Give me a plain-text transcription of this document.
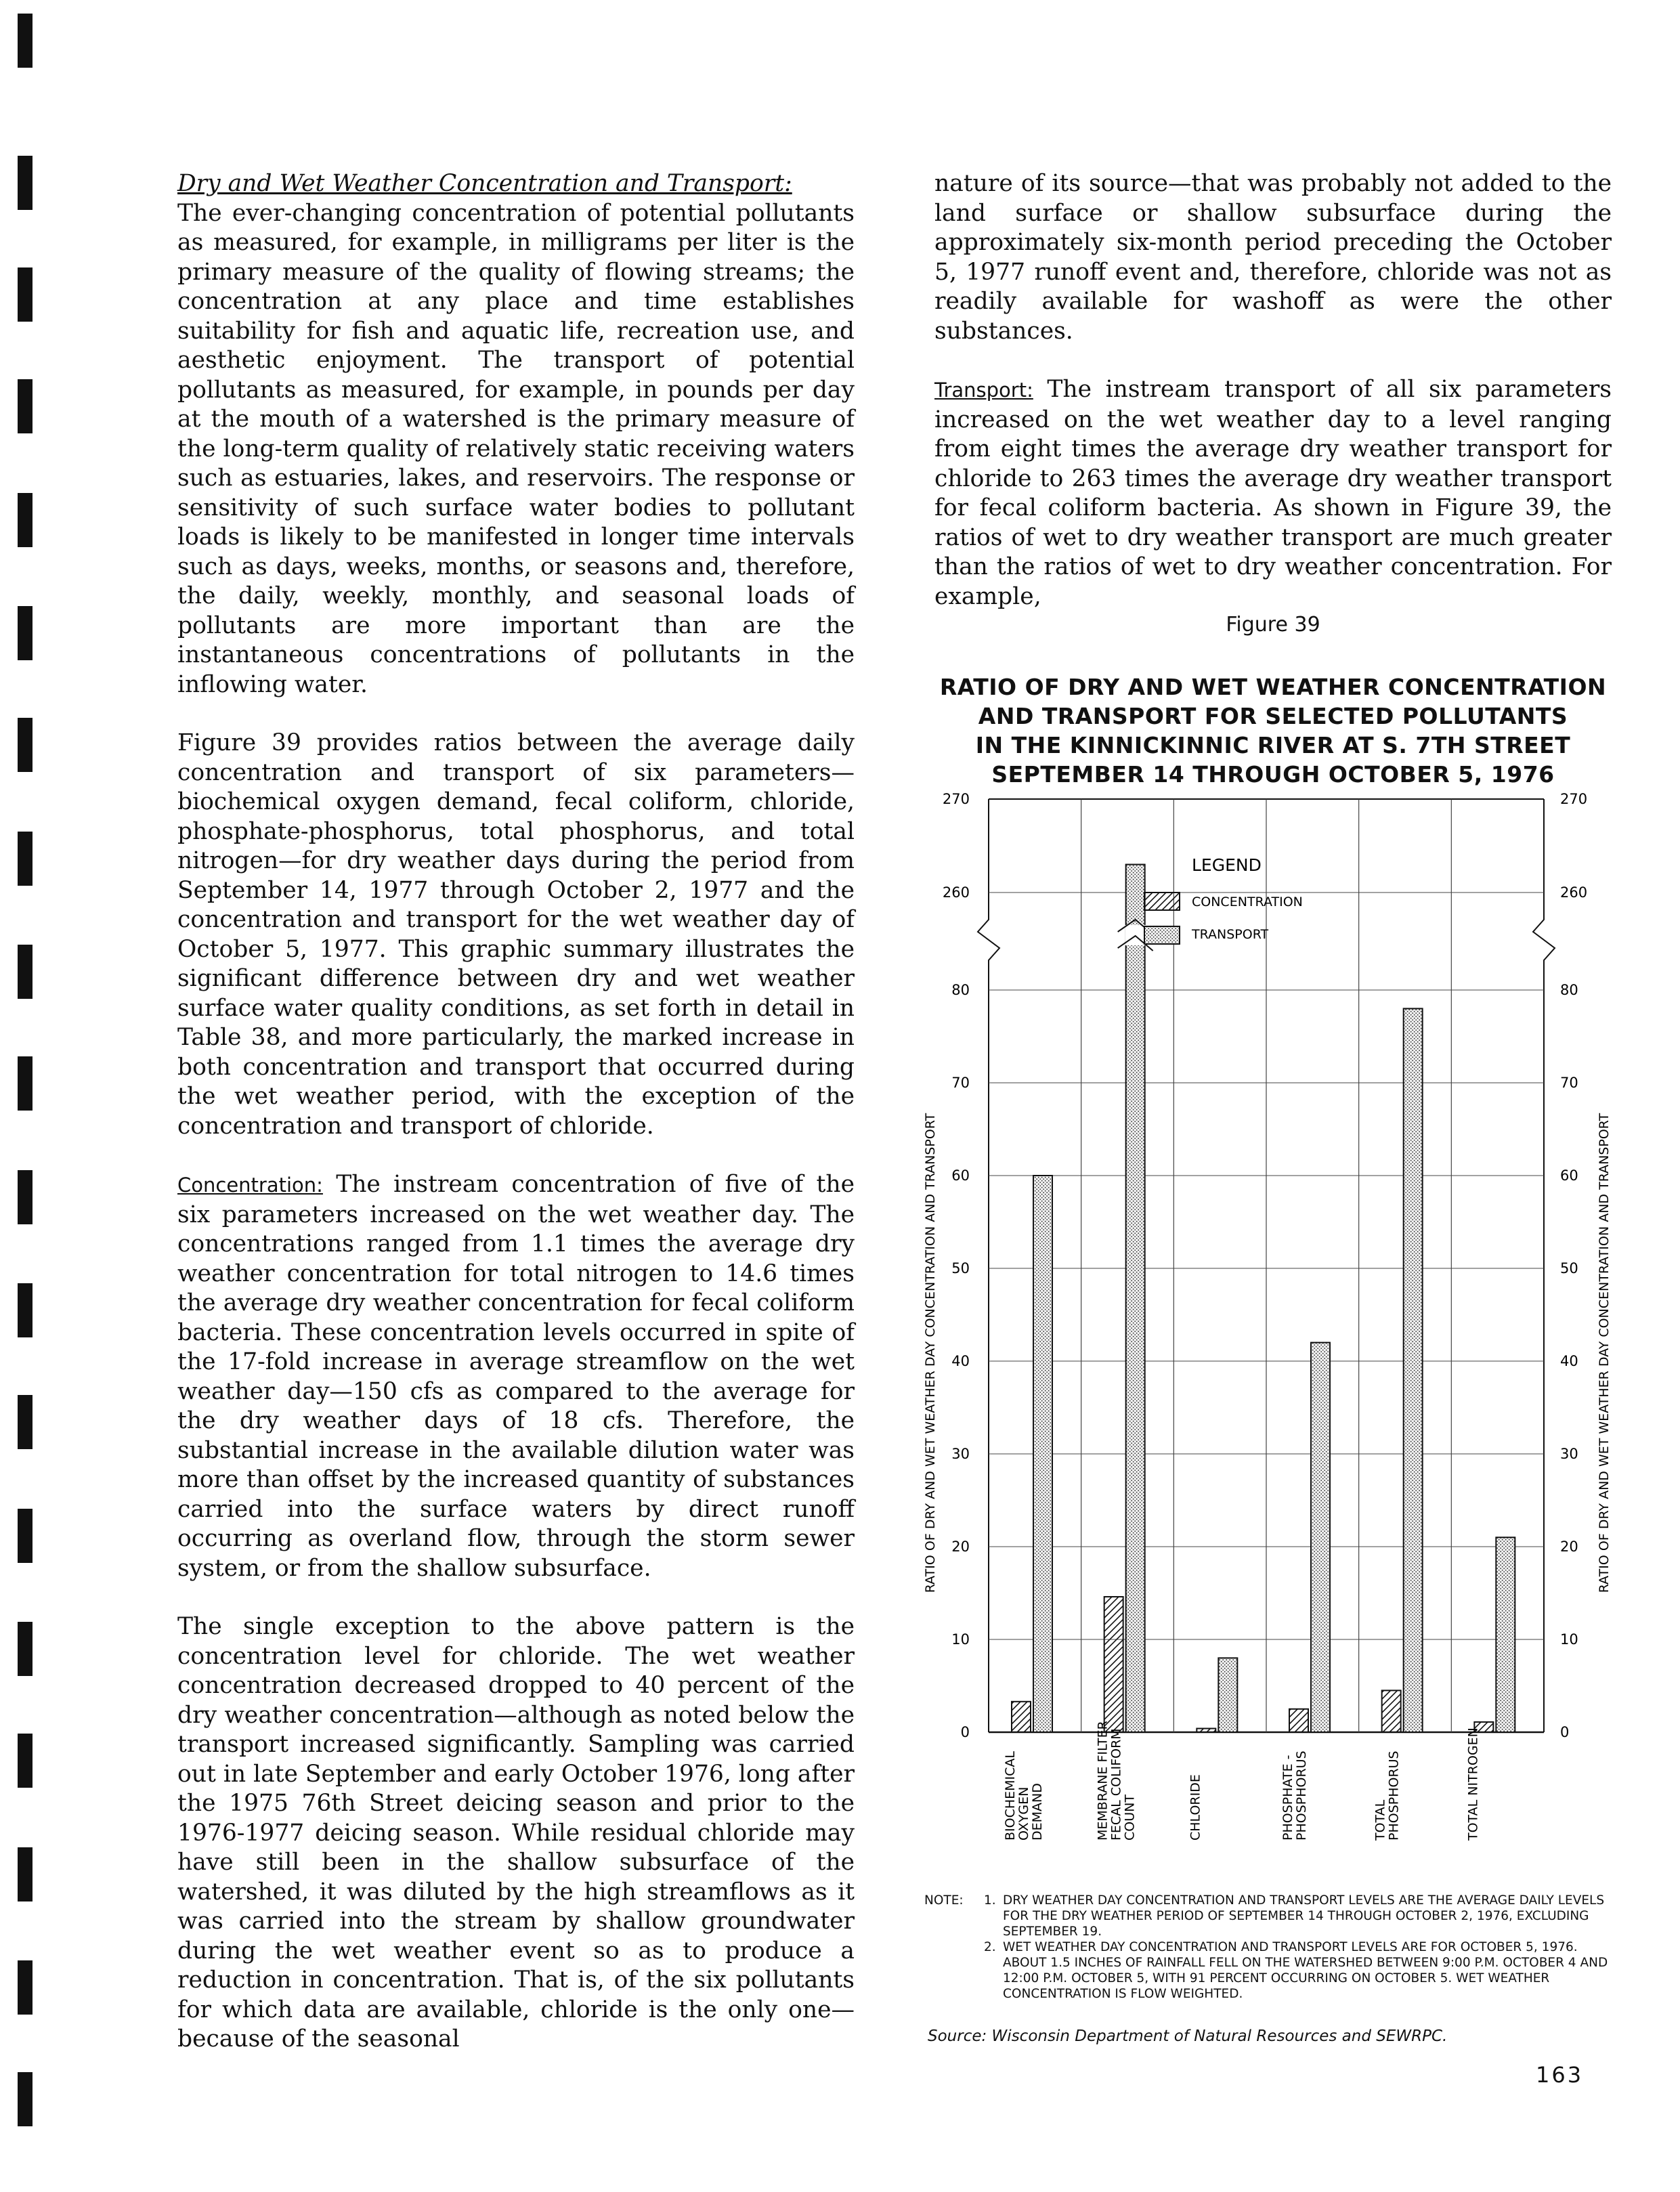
Dry and Wet Weather Concentration and Transport:
The ever-changing concentration of potential pollutants as measured, for example, in milligrams per liter is the primary measure of the quality of flowing streams; the concentration at any place and time establishes suitability for fish and aquatic life, recreation use, and aesthetic enjoyment. The transport of potential pollutants as measured, for example, in pounds per day at the mouth of a watershed is the primary measure of the long-term quality of relatively static receiving waters such as estuaries, lakes, and reservoirs. The response or sensitivity of such surface water bodies to pollutant loads is likely to be manifested in longer time intervals such as days, weeks, months, or seasons and, therefore, the daily, weekly, monthly, and seasonal loads of pollutants are more important than are the instantaneous concentrations of pollutants in the inflowing water.

Figure 39 provides ratios between the average daily concentration and transport of six parameters—biochemical oxygen demand, fecal coliform, chloride, phosphate-phosphorus, total phosphorus, and total nitrogen—for dry weather days during the period from September 14, 1977 through October 2, 1977 and the concentration and transport for the wet weather day of October 5, 1977. This graphic summary illustrates the significant difference between dry and wet weather surface water quality conditions, as set forth in detail in Table 38, and more particularly, the marked increase in both concentration and transport that occurred during the wet weather period, with the exception of the concentration and transport of chloride.

Concentration: The instream concentration of five of the six parameters increased on the wet weather day. The concentrations ranged from 1.1 times the average dry weather concentration for total nitrogen to 14.6 times the average dry weather concentration for fecal coliform bacteria. These concentration levels occurred in spite of the 17-fold increase in average streamflow on the wet weather day—150 cfs as compared to the average for the dry weather days of 18 cfs. Therefore, the substantial increase in the available dilution water was more than offset by the increased quantity of substances carried into the surface waters by direct runoff occurring as overland flow, through the storm sewer system, or from the shallow subsurface.

The single exception to the above pattern is the concentration level for chloride. The wet weather concentration decreased dropped to 40 percent of the dry weather concentration—although as noted below the transport increased significantly. Sampling was carried out in late September and early October 1976, long after the 1975 76th Street deicing season and prior to the 1976-1977 deicing season. While residual chloride may have still been in the shallow subsurface of the watershed, it was diluted by the high streamflows as it was carried into the stream by shallow groundwater during the wet weather event so as to produce a reduction in concentration. That is, of the six pollutants for which data are available, chloride is the only one—because of the seasonal

nature of its source—that was probably not added to the land surface or shallow subsurface during the approximately six-month period preceding the October 5, 1977 runoff event and, therefore, chloride was not as readily available for washoff as were the other substances.

Transport: The instream transport of all six parameters increased on the wet weather day to a level ranging from eight times the average dry weather transport for chloride to 263 times the average dry weather transport for fecal coliform bacteria. As shown in Figure 39, the ratios of wet to dry weather transport are much greater than the ratios of wet to dry weather concentration. For example,

Figure 39
RATIO OF DRY AND WET WEATHER CONCENTRATION
AND TRANSPORT FOR SELECTED POLLUTANTS
IN THE KINNICKINNIC RIVER AT S. 7TH STREET
SEPTEMBER 14 THROUGH OCTOBER 5, 1976
0	0
10	10
20	20
30	30
40	40
50	50
60	60
70	70
80	80
260	260
270	270
BIOCHEMICAL
OXYGEN
DEMAND	MEMBRANE FILTER
FECAL COLIFORM
COUNT	CHLORIDE	PHOSPHATE -
PHOSPHORUS	TOTAL
PHOSPHORUS	TOTAL NITROGEN
LEGEND
CONCENTRATION
TRANSPORT
RATIO OF DRY AND WET WEATHER DAY CONCENTRATION AND TRANSPORT	RATIO OF DRY AND WET WEATHER DAY CONCENTRATION AND TRANSPORT
NOTE:	1. DRY WEATHER DAY CONCENTRATION AND TRANSPORT LEVELS ARE THE AVERAGE DAILY LEVELS FOR THE DRY WEATHER PERIOD OF SEPTEMBER 14 THROUGH OCTOBER 2, 1976, EXCLUDING SEPTEMBER 19.
2. WET WEATHER DAY CONCENTRATION AND TRANSPORT LEVELS ARE FOR OCTOBER 5, 1976. ABOUT 1.5 INCHES OF RAINFALL FELL ON THE WATERSHED BETWEEN 9:00 P.M. OCTOBER 4 AND 12:00 P.M. OCTOBER 5, WITH 91 PERCENT OCCURRING ON OCTOBER 5. WET WEATHER CONCENTRATION IS FLOW WEIGHTED.
Source: Wisconsin Department of Natural Resources and SEWRPC.
163
